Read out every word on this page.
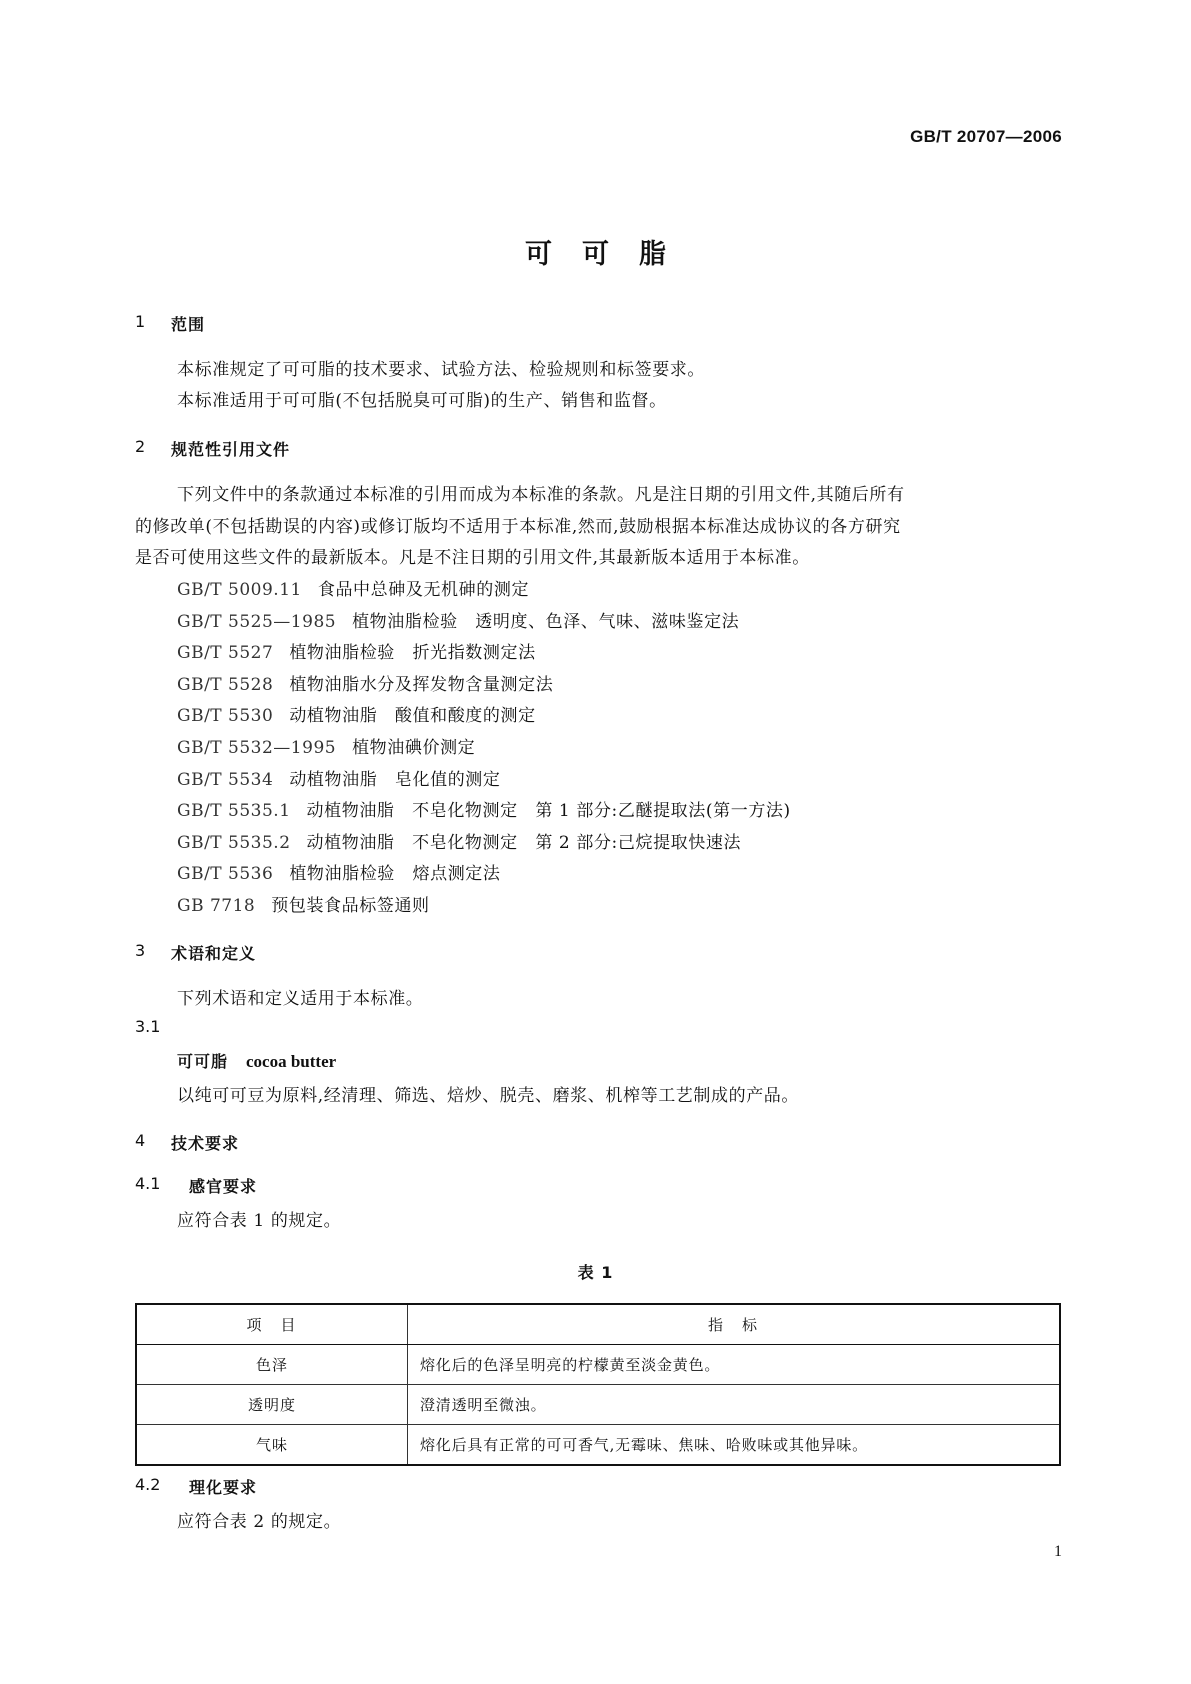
GB/T 20707—2006
可可脂
1 范围
本标准规定了可可脂的技术要求、试验方法、检验规则和标签要求。
本标准适用于可可脂(不包括脱臭可可脂)的生产、销售和监督。
2 规范性引用文件
下列文件中的条款通过本标准的引用而成为本标准的条款。凡是注日期的引用文件,其随后所有
的修改单(不包括勘误的内容)或修订版均不适用于本标准,然而,鼓励根据本标准达成协议的各方研究
是否可使用这些文件的最新版本。凡是不注日期的引用文件,其最新版本适用于本标准。
GB/T 5009.11 食品中总砷及无机砷的测定
GB/T 5525—1985 植物油脂检验　透明度、色泽、气味、滋味鉴定法
GB/T 5527 植物油脂检验　折光指数测定法
GB/T 5528 植物油脂水分及挥发物含量测定法
GB/T 5530 动植物油脂　酸值和酸度的测定
GB/T 5532—1995 植物油碘价测定
GB/T 5534 动植物油脂　皂化值的测定
GB/T 5535.1 动植物油脂　不皂化物测定　第 1 部分:乙醚提取法(第一方法)
GB/T 5535.2 动植物油脂　不皂化物测定　第 2 部分:己烷提取快速法
GB/T 5536 植物油脂检验　熔点测定法
GB 7718 预包装食品标签通则
3 术语和定义
下列术语和定义适用于本标准。
3.1
可可脂 cocoa butter
以纯可可豆为原料,经清理、筛选、焙炒、脱壳、磨浆、机榨等工艺制成的产品。
4 技术要求
4.1 感官要求
应符合表 1 的规定。
表 1
项　目	指　标
色泽	熔化后的色泽呈明亮的柠檬黄至淡金黄色。
透明度	澄清透明至微浊。
气味	熔化后具有正常的可可香气,无霉味、焦味、哈败味或其他异味。
4.2 理化要求
应符合表 2 的规定。
1
